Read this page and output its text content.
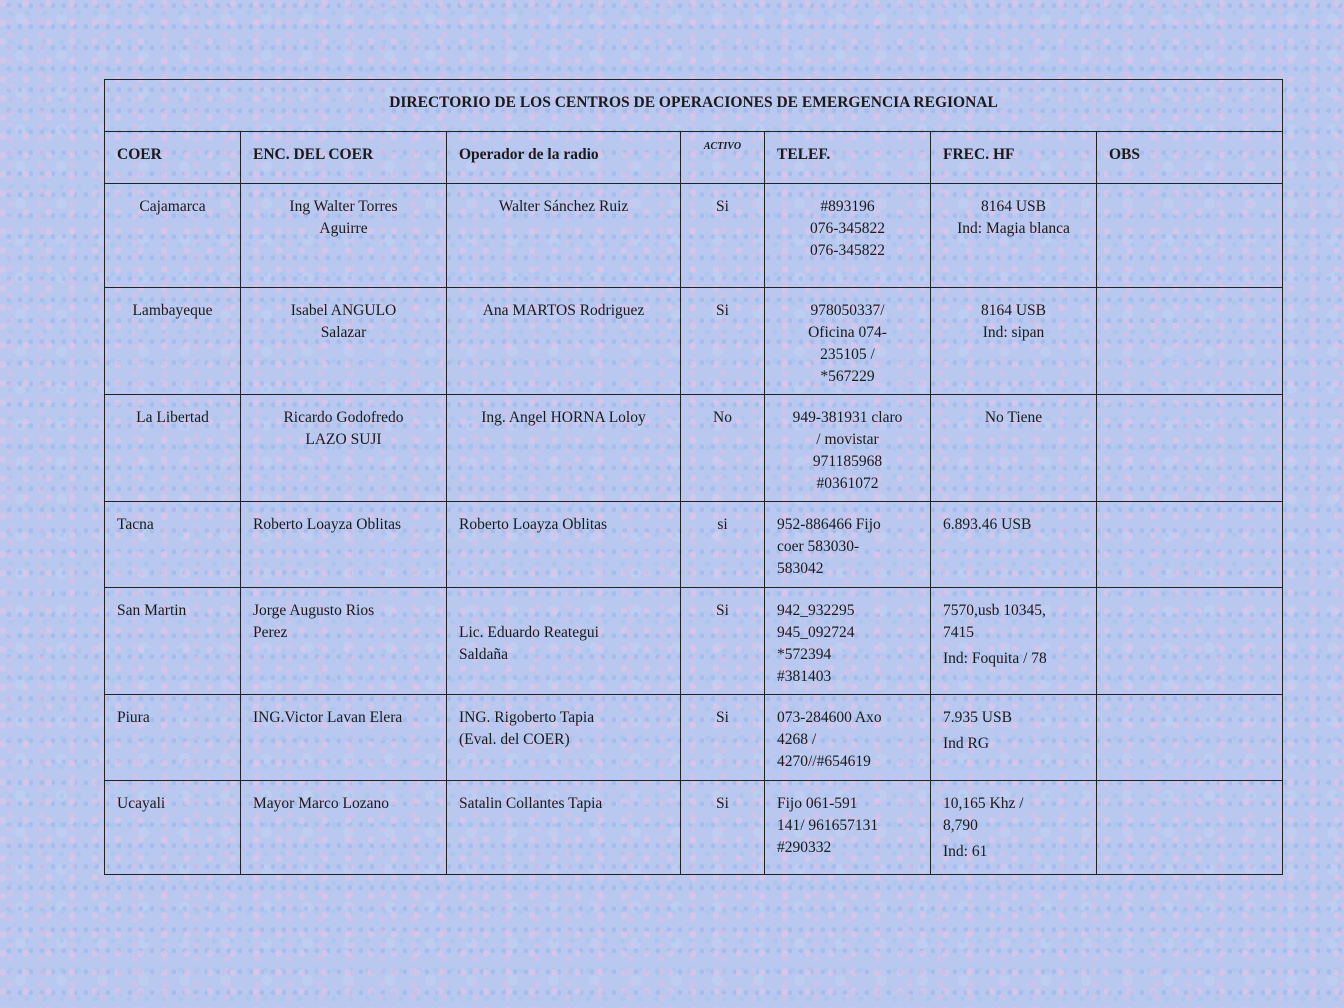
DIRECTORIO DE LOS CENTROS DE OPERACIONES DE EMERGENCIA REGIONAL						
COER	ENC. DEL COER	Operador de la radio	ACTIVO	TELEF.	FREC. HF	OBS
Cajamarca	Ing Walter Torres
Aguirre	Walter Sánchez Ruiz	Si	#893196
076-345822
076-345822	8164 USB
Ind: Magia blanca	

Lambayeque	Isabel ANGULO
Salazar	Ana MARTOS Rodriguez	Si	978050337/
Oficina 074-
235105 /
*567229	8164 USB
Ind: sipan	

La Libertad	Ricardo Godofredo
LAZO SUJI	Ing. Angel HORNA Loloy	No	949-381931 claro
/ movistar
971185968
#0361072	No Tiene	

Tacna	Roberto Loayza Oblitas	Roberto Loayza Oblitas	si	952-886466 Fijo
coer 583030-
583042	6.893.46 USB	

San Martin	Jorge Augusto Rios
Perez	Lic. Eduardo Reategui
Saldaña	Si	942_932295
945_092724
*572394
#381403	7570,usb 10345,
7415
Ind: Foquita / 78	

Piura	ING.Victor Lavan Elera	ING. Rigoberto Tapia
(Eval. del COER)	Si	073-284600 Axo
4268 /
4270//#654619	7.935 USB
Ind RG	

Ucayali	Mayor Marco Lozano	Satalin Collantes Tapia	Si	Fijo 061-591
141/ 961657131
#290332	10,165 Khz /
8,790
Ind: 61	
